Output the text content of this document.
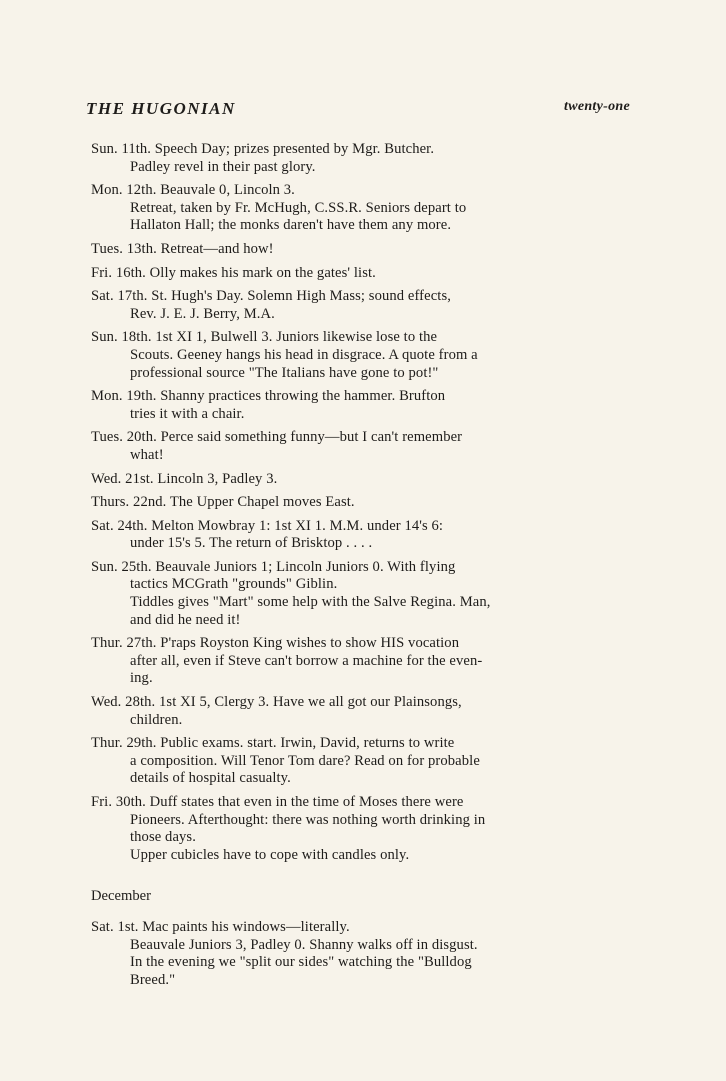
THE HUGONIAN	twenty-one
Sun. 11th. Speech Day; prizes presented by Mgr. Butcher.
Padley revel in their past glory.
Mon. 12th. Beauvale 0, Lincoln 3.
Retreat, taken by Fr. McHugh, C.SS.R. Seniors depart to
Hallaton Hall; the monks daren't have them any more.
Tues. 13th. Retreat—and how!
Fri. 16th. Olly makes his mark on the gates' list.
Sat. 17th. St. Hugh's Day. Solemn High Mass; sound effects,
Rev. J. E. J. Berry, M.A.
Sun. 18th. 1st XI 1, Bulwell 3. Juniors likewise lose to the
Scouts. Geeney hangs his head in disgrace. A quote from a
professional source "The Italians have gone to pot!"
Mon. 19th. Shanny practices throwing the hammer. Brufton
tries it with a chair.
Tues. 20th. Perce said something funny—but I can't remember
what!
Wed. 21st. Lincoln 3, Padley 3.
Thurs. 22nd. The Upper Chapel moves East.
Sat. 24th. Melton Mowbray 1: 1st XI 1. M.M. under 14's 6:
under 15's 5. The return of Brisktop . . . .
Sun. 25th. Beauvale Juniors 1; Lincoln Juniors 0. With flying
tactics MCGrath "grounds" Giblin.
Tiddles gives "Mart" some help with the Salve Regina. Man,
and did he need it!
Thur. 27th. P'raps Royston King wishes to show HIS vocation
after all, even if Steve can't borrow a machine for the even-
ing.
Wed. 28th. 1st XI 5, Clergy 3. Have we all got our Plainsongs,
children.
Thur. 29th. Public exams. start. Irwin, David, returns to write
a composition. Will Tenor Tom dare? Read on for probable
details of hospital casualty.
Fri. 30th. Duff states that even in the time of Moses there were
Pioneers. Afterthought: there was nothing worth drinking in
those days.
Upper cubicles have to cope with candles only.
December
Sat. 1st. Mac paints his windows—literally.
Beauvale Juniors 3, Padley 0. Shanny walks off in disgust.
In the evening we "split our sides" watching the "Bulldog
Breed."
